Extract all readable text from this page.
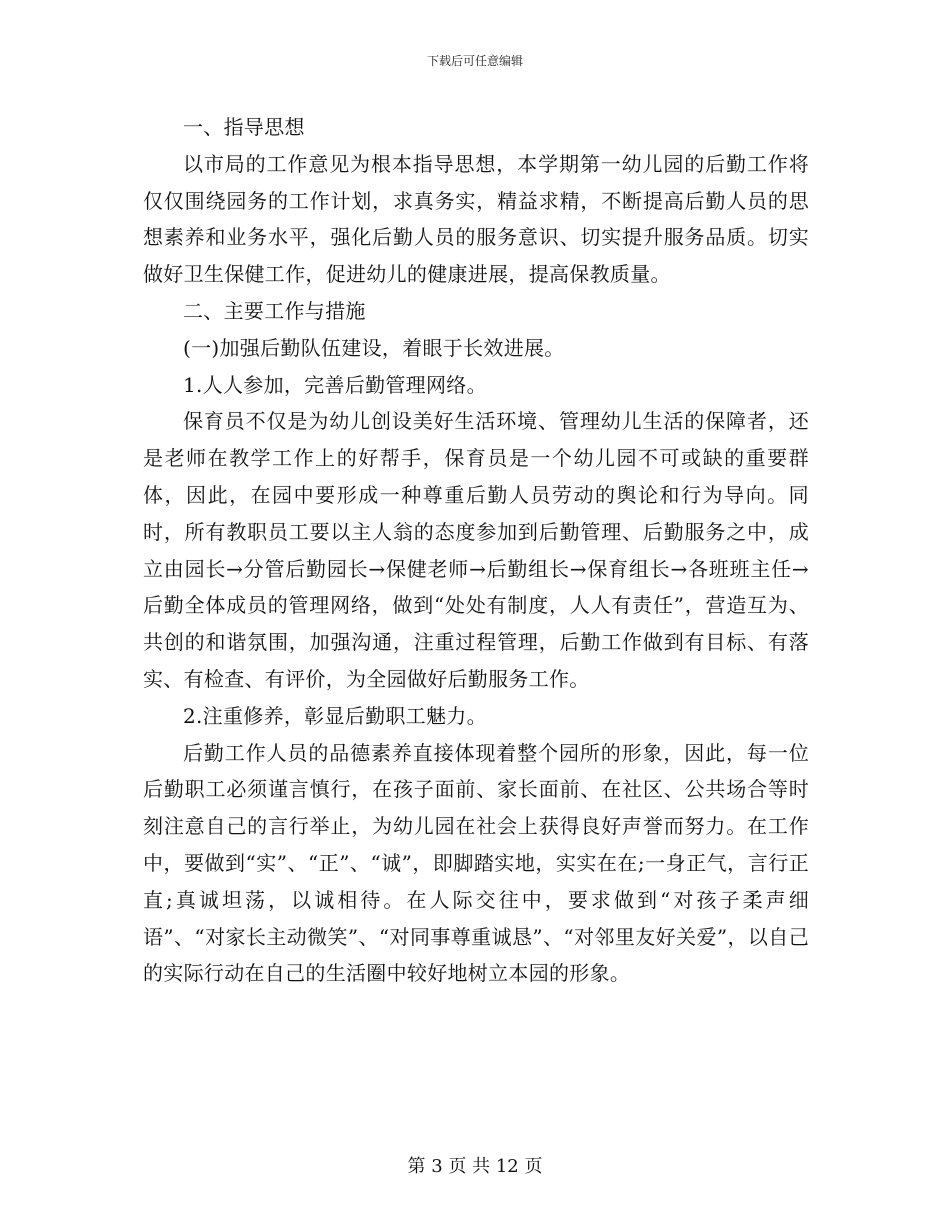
下载后可任意编辑

一、指导思想

以市局的工作意见为根本指导思想，本学期第一幼儿园的后勤工作将仅仅围绕园务的工作计划，求真务实，精益求精，不断提高后勤人员的思想素养和业务水平，强化后勤人员的服务意识、切实提升服务品质。切实做好卫生保健工作，促进幼儿的健康进展，提高保教质量。

二、主要工作与措施

(一)加强后勤队伍建设，着眼于长效进展。

1.人人参加，完善后勤管理网络。

保育员不仅是为幼儿创设美好生活环境、管理幼儿生活的保障者，还是老师在教学工作上的好帮手，保育员是一个幼儿园不可或缺的重要群体，因此，在园中要形成一种尊重后勤人员劳动的舆论和行为导向。同时，所有教职员工要以主人翁的态度参加到后勤管理、后勤服务之中，成立由园长→分管后勤园长→保健老师→后勤组长→保育组长→各班班主任→后勤全体成员的管理网络，做到“处处有制度，人人有责任”，营造互为、共创的和谐氛围，加强沟通，注重过程管理，后勤工作做到有目标、有落实、有检查、有评价，为全园做好后勤服务工作。

2.注重修养，彰显后勤职工魅力。

后勤工作人员的品德素养直接体现着整个园所的形象，因此，每一位后勤职工必须谨言慎行，在孩子面前、家长面前、在社区、公共场合等时刻注意自己的言行举止，为幼儿园在社会上获得良好声誉而努力。在工作中，要做到“实”、“正”、“诚”，即脚踏实地，实实在在;一身正气，言行正直;真诚坦荡，以诚相待。在人际交往中，要求做到“对孩子柔声细语”、“对家长主动微笑”、“对同事尊重诚恳”、“对邻里友好关爱”，以自己的实际行动在自己的生活圈中较好地树立本园的形象。

第 3 页 共 12 页
